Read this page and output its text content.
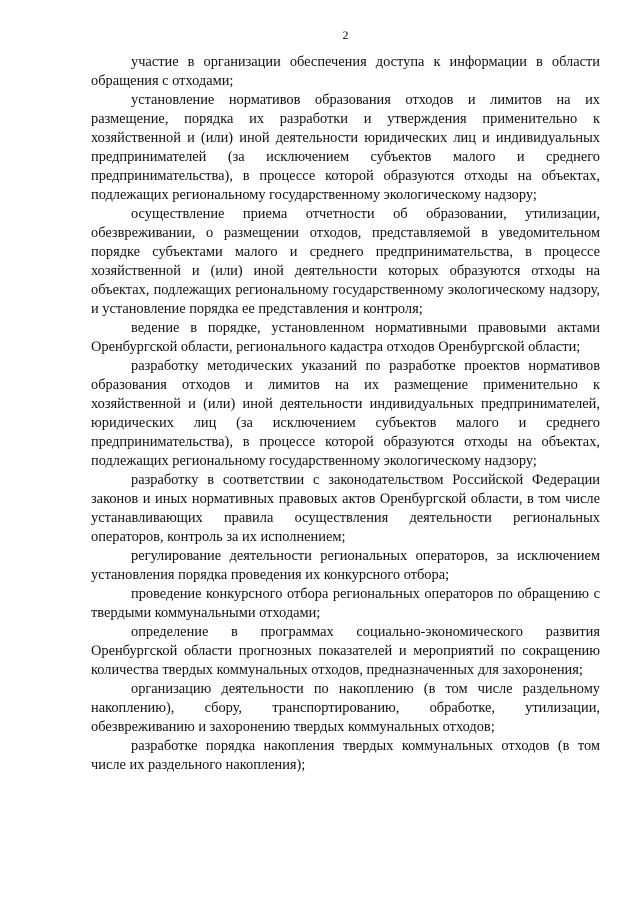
2

участие в организации обеспечения доступа к информации в области обращения с отходами;

установление нормативов образования отходов и лимитов на их размещение, порядка их разработки и утверждения применительно к хозяйственной и (или) иной деятельности юридических лиц и индивидуальных предпринимателей (за исключением субъектов малого и среднего предпринимательства), в процессе которой образуются отходы на объектах, подлежащих региональному государственному экологическому надзору;

осуществление приема отчетности об образовании, утилизации, обезвреживании, о размещении отходов, представляемой в уведомительном порядке субъектами малого и среднего предпринимательства, в процессе хозяйственной и (или) иной деятельности которых образуются отходы на объектах, подлежащих региональному государственному экологическому надзору, и установление порядка ее представления и контроля;

ведение в порядке, установленном нормативными правовыми актами Оренбургской области, регионального кадастра отходов Оренбургской области;

разработку методических указаний по разработке проектов нормативов образования отходов и лимитов на их размещение применительно к хозяйственной и (или) иной деятельности индивидуальных предпринимателей, юридических лиц (за исключением субъектов малого и среднего предпринимательства), в процессе которой образуются отходы на объектах, подлежащих региональному государственному экологическому надзору;

разработку в соответствии с законодательством Российской Федерации законов и иных нормативных правовых актов Оренбургской области, в том числе устанавливающих правила осуществления деятельности региональных операторов, контроль за их исполнением;

регулирование деятельности региональных операторов, за исключением установления порядка проведения их конкурсного отбора;

проведение конкурсного отбора региональных операторов по обращению с твердыми коммунальными отходами;

определение в программах социально-экономического развития Оренбургской области прогнозных показателей и мероприятий по сокращению количества твердых коммунальных отходов, предназначенных для захоронения;

организацию деятельности по накоплению (в том числе раздельному накоплению), сбору, транспортированию, обработке, утилизации, обезвреживанию и захоронению твердых коммунальных отходов;

разработке порядка накопления твердых коммунальных отходов (в том числе их раздельного накопления);
